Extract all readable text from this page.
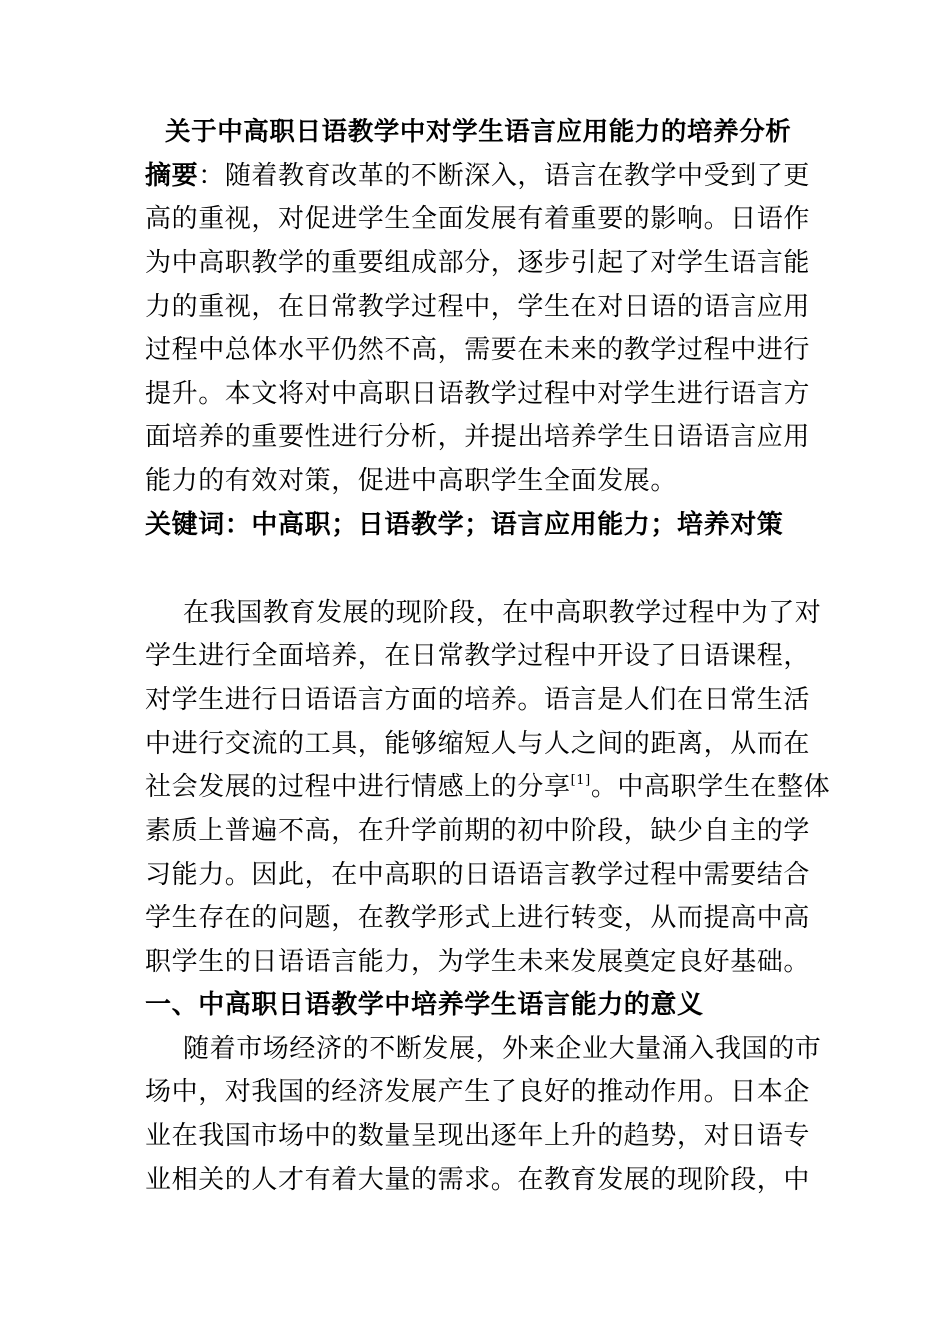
关于中高职日语教学中对学生语言应用能力的培养分析
摘要：随着教育改革的不断深入，语言在教学中受到了更
高的重视，对促进学生全面发展有着重要的影响。日语作
为中高职教学的重要组成部分，逐步引起了对学生语言能
力的重视，在日常教学过程中，学生在对日语的语言应用
过程中总体水平仍然不高，需要在未来的教学过程中进行
提升。本文将对中高职日语教学过程中对学生进行语言方
面培养的重要性进行分析，并提出培养学生日语语言应用
能力的有效对策，促进中高职学生全面发展。
关键词：中高职；日语教学；语言应用能力；培养对策
在我国教育发展的现阶段，在中高职教学过程中为了对
学生进行全面培养，在日常教学过程中开设了日语课程，
对学生进行日语语言方面的培养。语言是人们在日常生活
中进行交流的工具，能够缩短人与人之间的距离，从而在
社会发展的过程中进行情感上的分享[1]。中高职学生在整体
素质上普遍不高，在升学前期的初中阶段，缺少自主的学
习能力。因此，在中高职的日语语言教学过程中需要结合
学生存在的问题，在教学形式上进行转变，从而提高中高
职学生的日语语言能力，为学生未来发展奠定良好基础。
一、中高职日语教学中培养学生语言能力的意义
随着市场经济的不断发展，外来企业大量涌入我国的市
场中，对我国的经济发展产生了良好的推动作用。日本企
业在我国市场中的数量呈现出逐年上升的趋势，对日语专
业相关的人才有着大量的需求。在教育发展的现阶段，中
